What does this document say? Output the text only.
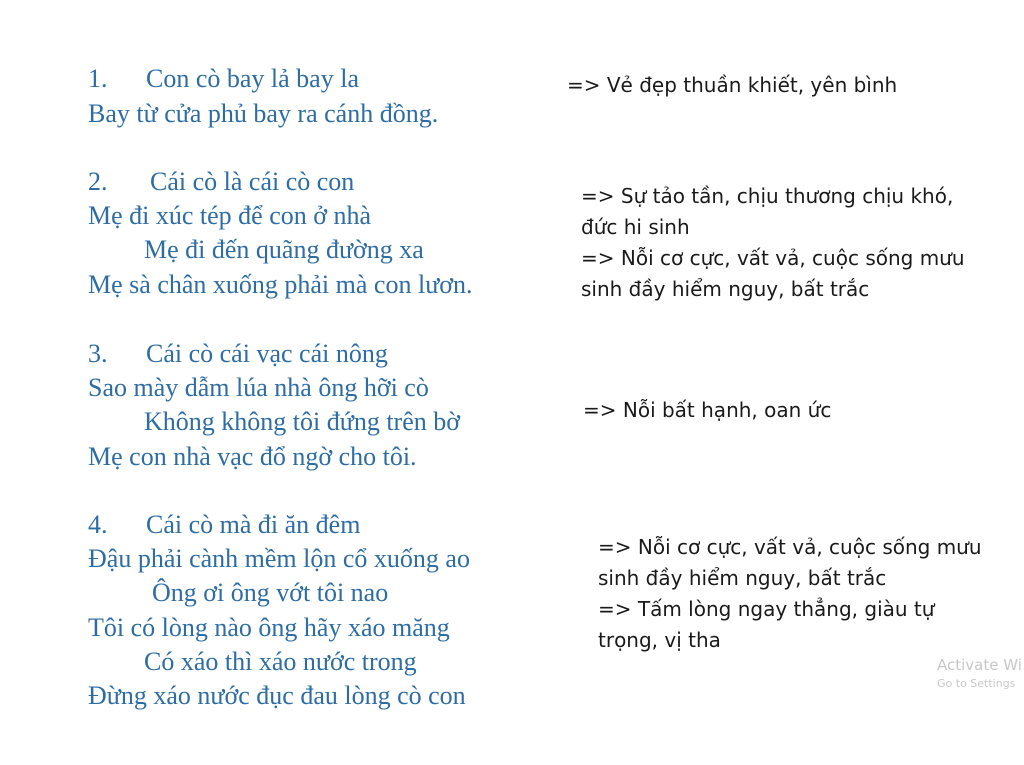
1. Con cò bay lả bay la
Bay từ cửa phủ bay ra cánh đồng.
=> Vẻ đẹp thuần khiết, yên bình
2. Cái cò là cái cò con
Mẹ đi xúc tép để con ở nhà
Mẹ đi đến quãng đường xa
Mẹ sà chân xuống phải mà con lươn.
=> Sự tảo tần, chịu thương chịu khó,
đức hi sinh
=> Nỗi cơ cực, vất vả, cuộc sống mưu
sinh đầy hiểm nguy, bất trắc
3. Cái cò cái vạc cái nông
Sao mày dẫm lúa nhà ông hỡi cò
Không không tôi đứng trên bờ
Mẹ con nhà vạc đổ ngờ cho tôi.
=> Nỗi bất hạnh, oan ức
4. Cái cò mà đi ăn đêm
Đậu phải cành mềm lộn cổ xuống ao
Ông ơi ông vớt tôi nao
Tôi có lòng nào ông hãy xáo măng
Có xáo thì xáo nước trong
Đừng xáo nước đục đau lòng cò con
=> Nỗi cơ cực, vất vả, cuộc sống mưu
sinh đầy hiểm nguy, bất trắc
=> Tấm lòng ngay thẳng, giàu tự
trọng, vị tha
Activate Wi
Go to Settings
